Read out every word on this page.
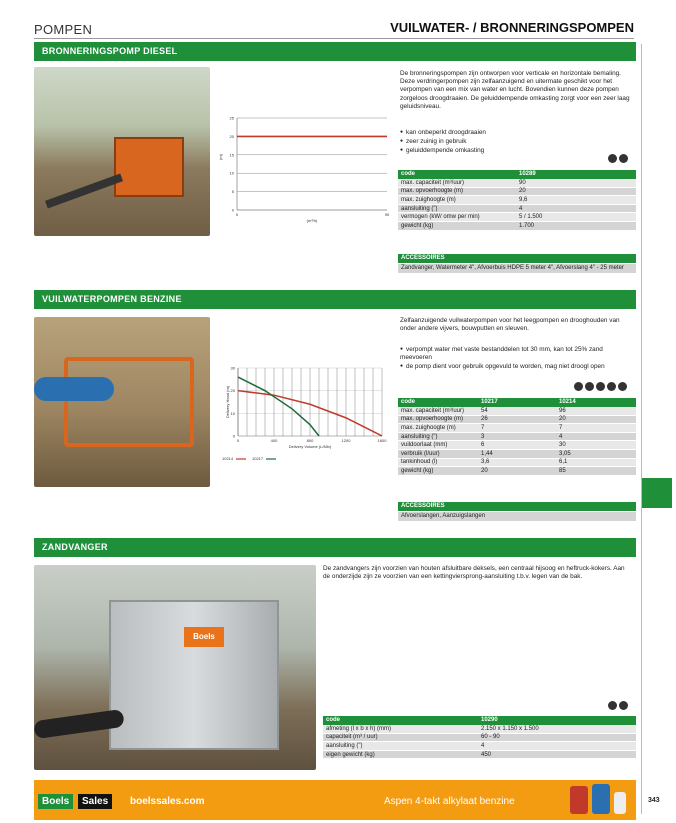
POMPEN	VUILWATER- / BRONNERINGSPOMPEN
BRONNERINGSPOMP DIESEL
0
5
10
15
20
25
0	90
(m³/h)
(m)
De bronneringspompen zijn ontworpen voor verticale en horizontale bemaling. Deze verdringerpompen zijn zelfaanzuigend en uitermate geschikt voor het verpompen van een mix van water en lucht. Bovendien kunnen deze pompen zorgeloos droogdraaien. De geluiddempende omkasting zorgt voor een zeer laag geluidsniveau.
● kan onbeperkt droogdraaien
● zeer zuinig in gebruik
● geluiddempende omkasting
code	10289
max. capaciteit (m³/uur)	90
max. opvoerhoogte (m)	20
max. zuighoogte (m)	9,6
aansluiting (")	4
vermogen (kW/ omw per min)	5 / 1.500
gewicht (kg)	1.700
ACCESSOIRES
Zandvanger, Watermeter 4", Afvoerbuis HDPE 5 meter 4", Afvoerslang 4" - 25 meter
VUILWATERPOMPEN BENZINE
0
10
20
30
0	400	800	1200	1600
Delivery Volume (L/Min)
Delivery Head (m)
10214	10217
Zelfaanzuigende vuilwaterpompen voor het leegpompen en drooghouden van onder andere vijvers, bouwputten en sleuven.
● verpompt water met vaste bestanddelen tot 30 mm, kan tot 25% zand meevoeren
● de pomp dient voor gebruik opgevuld te worden, mag niet droogl open
code	10217	10214
max. capaciteit (m³/uur)	54	96
max. opvoerhoogte (m)	26	20
max. zuighoogte (m)	7	7
aansluiting (")	3	4
vuildoorlaat (mm)	6	30
verbruik (l/uur)	1,44	3,05
tankinhoud (l)	3,6	6,1
gewicht (kg)	20	85
ACCESSOIRES
Afvoerslangen, Aanzuigslangen
ZANDVANGER
Boels
De zandvangers zijn voorzien van houten afsluitbare deksels, een centraal hijsoog en heftruck-kokers. Aan de onderzijde zijn ze voorzien van een kettingviersprong-aansluiting t.b.v. legen van de bak.
code	10290
afmeting (l x b x h) (mm)	2.150 x 1.150 x 1.500
capaciteit (m³ / uur)	60 - 90
aansluiting (")	4
eigen gewicht (kg)	450
Boels	Sales	boelssales.com	Aspen 4-takt alkylaat benzine	343
